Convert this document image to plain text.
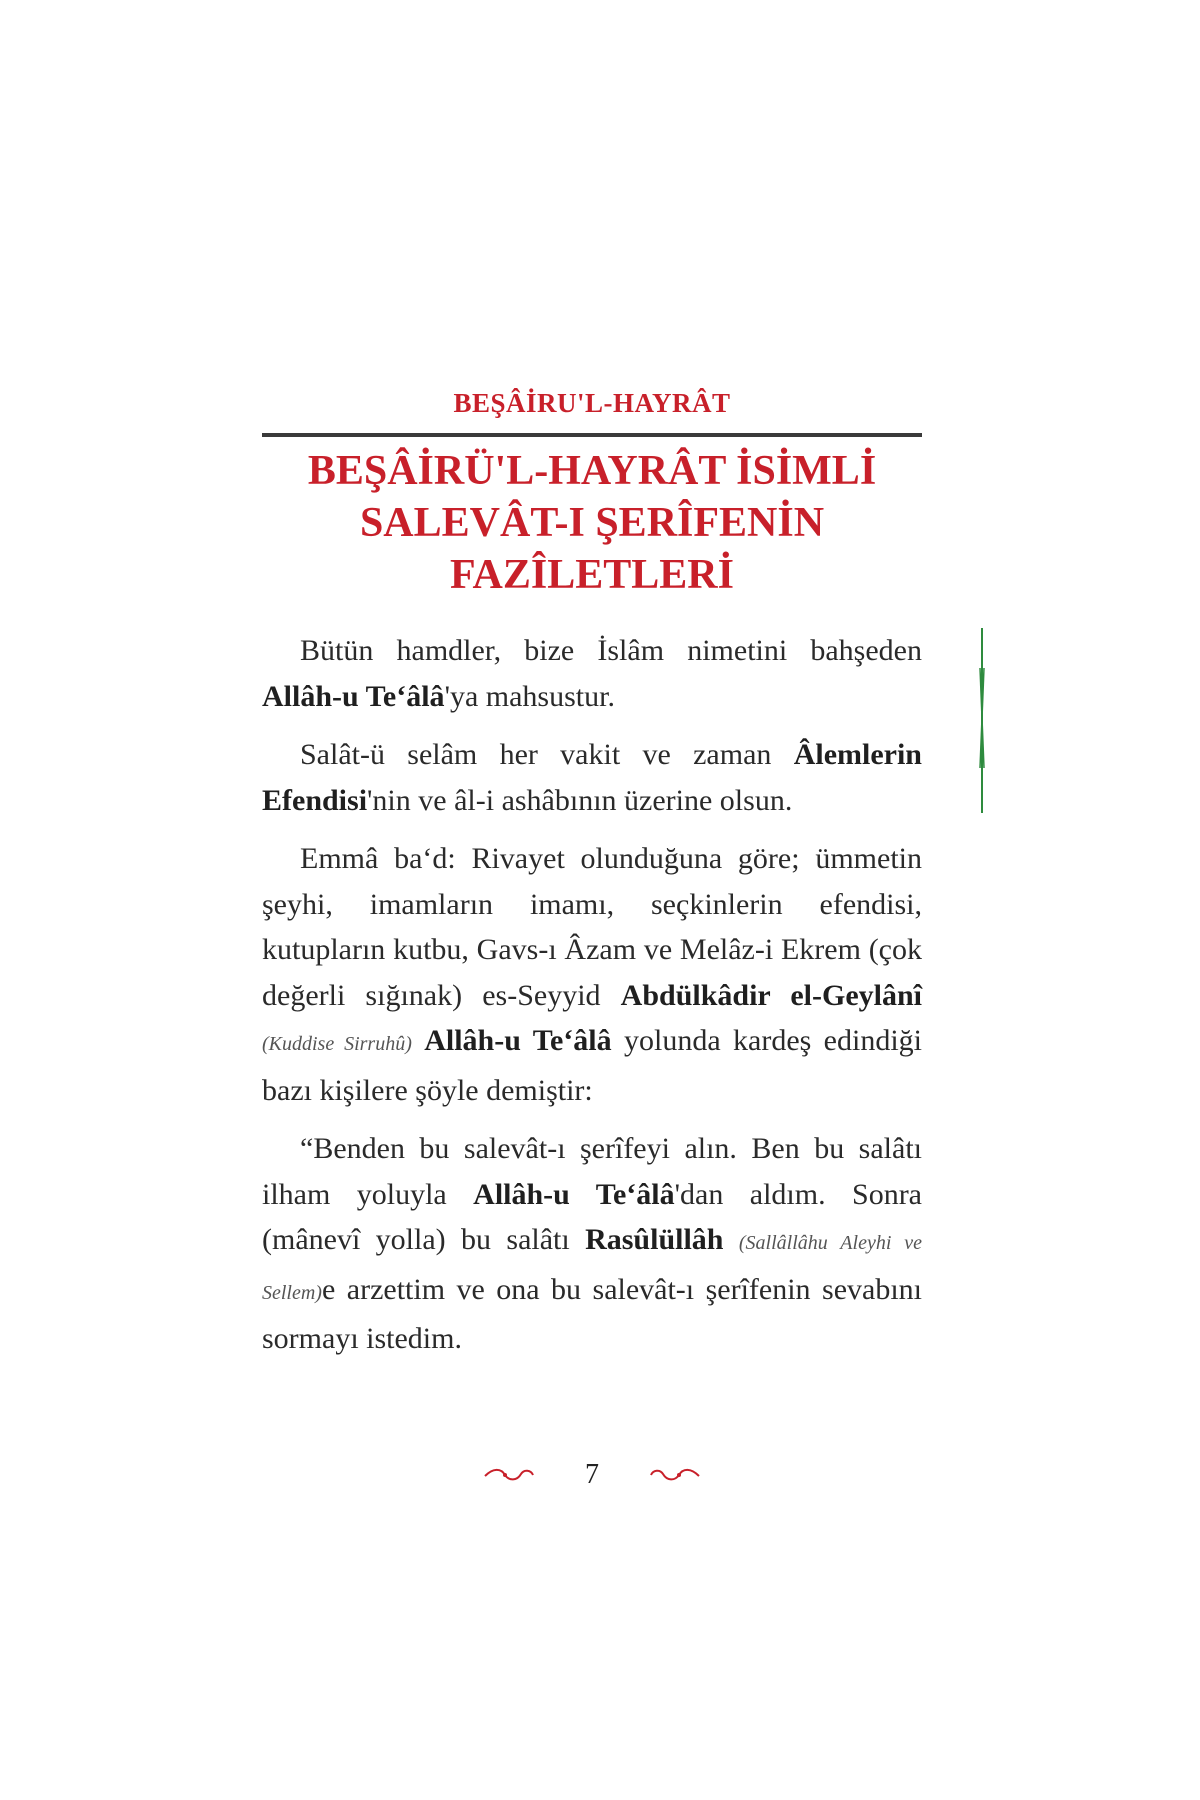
BEŞÂİRU'L-HAYRÂT
BEŞÂİRÜ'L-HAYRÂT İSİMLİ
SALEVÂT-I ŞERÎFENİN
FAZÎLETLERİ

Bütün hamdler, bize İslâm nimetini bahşeden Allâh-u Te‘âlâ'ya mahsustur.

Salât-ü selâm her vakit ve zaman Âlemlerin Efendisi'nin ve âl-i ashâbının üzerine olsun.

Emmâ ba‘d: Rivayet olunduğuna göre; ümmetin şeyhi, imamların imamı, seçkinlerin efendisi, kutupların kutbu, Gavs-ı Âzam ve Melâz-i Ekrem (çok değerli sığınak) es-Seyyid Abdülkâdir el-Geylânî (Kuddise Sirruhû) Allâh-u Te‘âlâ yolunda kardeş edindiği bazı kişilere şöyle demiştir:

“Benden bu salevât-ı şerîfeyi alın. Ben bu salâtı ilham yoluyla Allâh-u Te‘âlâ'dan aldım. Sonra (mânevî yolla) bu salâtı Rasûlüllâh (Sallâllâhu Aleyhi ve Sellem)e arzettim ve ona bu salevât-ı şerîfenin sevabını sormayı istedim.

7
